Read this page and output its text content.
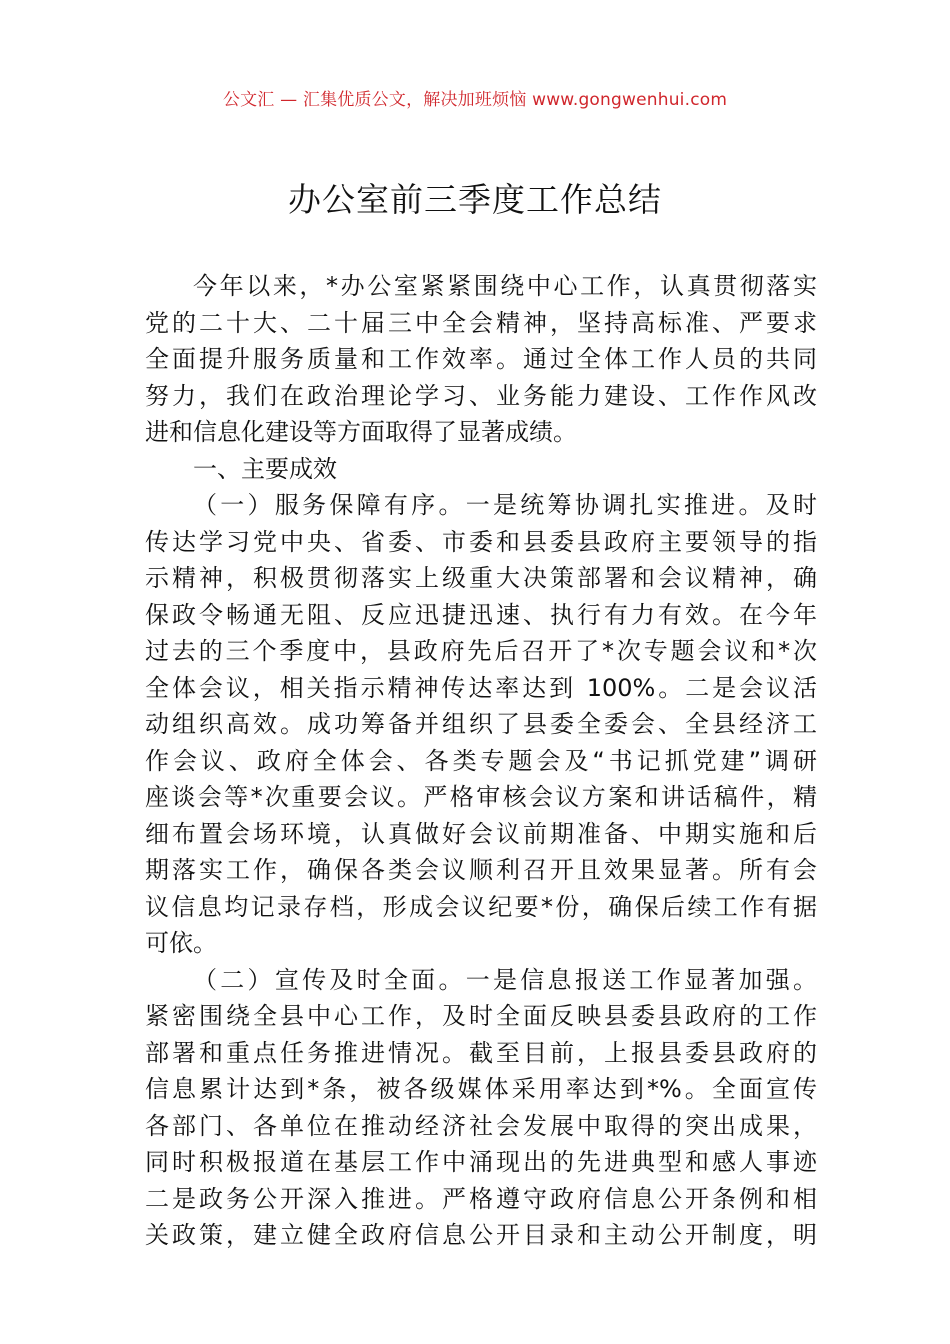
公文汇 — 汇集优质公文，解决加班烦恼 www.gongwenhui.com
办公室前三季度工作总结
今年以来，*办公室紧紧围绕中心工作，认真贯彻落实
党的二十大、二十届三中全会精神，坚持高标准、严要求
全面提升服务质量和工作效率。通过全体工作人员的共同
努力，我们在政治理论学习、业务能力建设、工作作风改
进和信息化建设等方面取得了显著成绩。
一、主要成效
（一）服务保障有序。一是统筹协调扎实推进。及时
传达学习党中央、省委、市委和县委县政府主要领导的指
示精神，积极贯彻落实上级重大决策部署和会议精神，确
保政令畅通无阻、反应迅捷迅速、执行有力有效。在今年
过去的三个季度中，县政府先后召开了*次专题会议和*次
全体会议，相关指示精神传达率达到 100%。二是会议活
动组织高效。成功筹备并组织了县委全委会、全县经济工
作会议、政府全体会、各类专题会及“书记抓党建”调研
座谈会等*次重要会议。严格审核会议方案和讲话稿件，精
细布置会场环境，认真做好会议前期准备、中期实施和后
期落实工作，确保各类会议顺利召开且效果显著。所有会
议信息均记录存档，形成会议纪要*份，确保后续工作有据
可依。
（二）宣传及时全面。一是信息报送工作显著加强。
紧密围绕全县中心工作，及时全面反映县委县政府的工作
部署和重点任务推进情况。截至目前，上报县委县政府的
信息累计达到*条，被各级媒体采用率达到*%。全面宣传
各部门、各单位在推动经济社会发展中取得的突出成果，
同时积极报道在基层工作中涌现出的先进典型和感人事迹
二是政务公开深入推进。严格遵守政府信息公开条例和相
关政策，建立健全政府信息公开目录和主动公开制度，明
